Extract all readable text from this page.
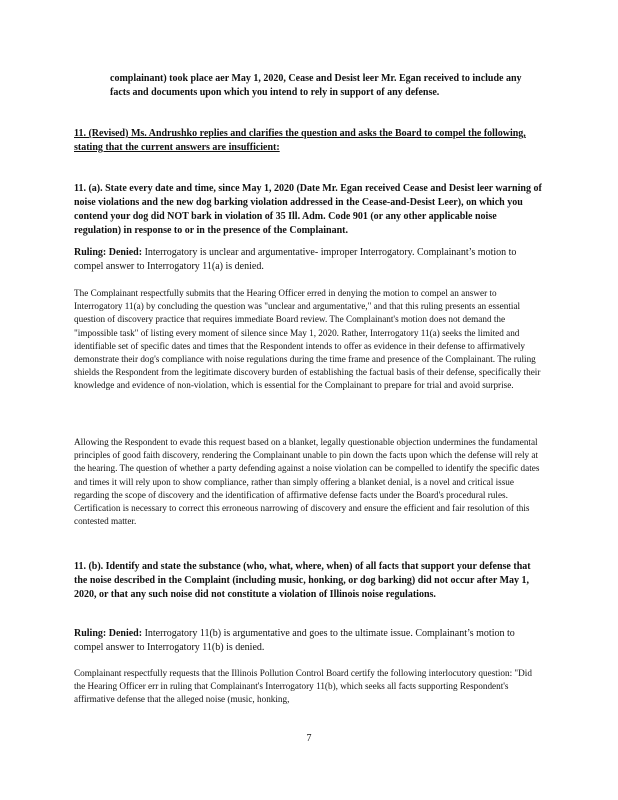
complainant) took place aer May 1, 2020, Cease and Desist leer Mr. Egan received to include any facts and documents upon which you intend to rely in support of any defense.

11. (Revised) Ms. Andrushko replies and clarifies the question and asks the Board to compel the following, stating that the current answers are insufficient:

11. (a). State every date and time, since May 1, 2020 (Date Mr. Egan received Cease and Desist leer warning of noise violations and the new dog barking violation addressed in the Cease-and-Desist Leer), on which you contend your dog did NOT bark in violation of 35 Ill. Adm. Code 901 (or any other applicable noise regulation) in response to or in the presence of the Complainant.

Ruling: Denied: Interrogatory is unclear and argumentative- improper Interrogatory. Complainant’s motion to compel answer to Interrogatory 11(a) is denied.

The Complainant respectfully submits that the Hearing Officer erred in denying the motion to compel an answer to Interrogatory 11(a) by concluding the question was "unclear and argumentative," and that this ruling presents an essential question of discovery practice that requires immediate Board review. The Complainant's motion does not demand the "impossible task" of listing every moment of silence since May 1, 2020. Rather, Interrogatory 11(a) seeks the limited and identifiable set of specific dates and times that the Respondent intends to offer as evidence in their defense to affirmatively demonstrate their dog's compliance with noise regulations during the time frame and presence of the Complainant. The ruling shields the Respondent from the legitimate discovery burden of establishing the factual basis of their defense, specifically their knowledge and evidence of non-violation, which is essential for the Complainant to prepare for trial and avoid surprise.

Allowing the Respondent to evade this request based on a blanket, legally questionable objection undermines the fundamental principles of good faith discovery, rendering the Complainant unable to pin down the facts upon which the defense will rely at the hearing. The question of whether a party defending against a noise violation can be compelled to identify the specific dates and times it will rely upon to show compliance, rather than simply offering a blanket denial, is a novel and critical issue regarding the scope of discovery and the identification of affirmative defense facts under the Board's procedural rules. Certification is necessary to correct this erroneous narrowing of discovery and ensure the efficient and fair resolution of this contested matter.

11. (b). Identify and state the substance (who, what, where, when) of all facts that support your defense that the noise described in the Complaint (including music, honking, or dog barking) did not occur after May 1, 2020, or that any such noise did not constitute a violation of Illinois noise regulations.

Ruling: Denied: Interrogatory 11(b) is argumentative and goes to the ultimate issue. Complainant’s motion to compel answer to Interrogatory 11(b) is denied.

Complainant respectfully requests that the Illinois Pollution Control Board certify the following interlocutory question: "Did the Hearing Officer err in ruling that Complainant's Interrogatory 11(b), which seeks all facts supporting Respondent's affirmative defense that the alleged noise (music, honking,

7
